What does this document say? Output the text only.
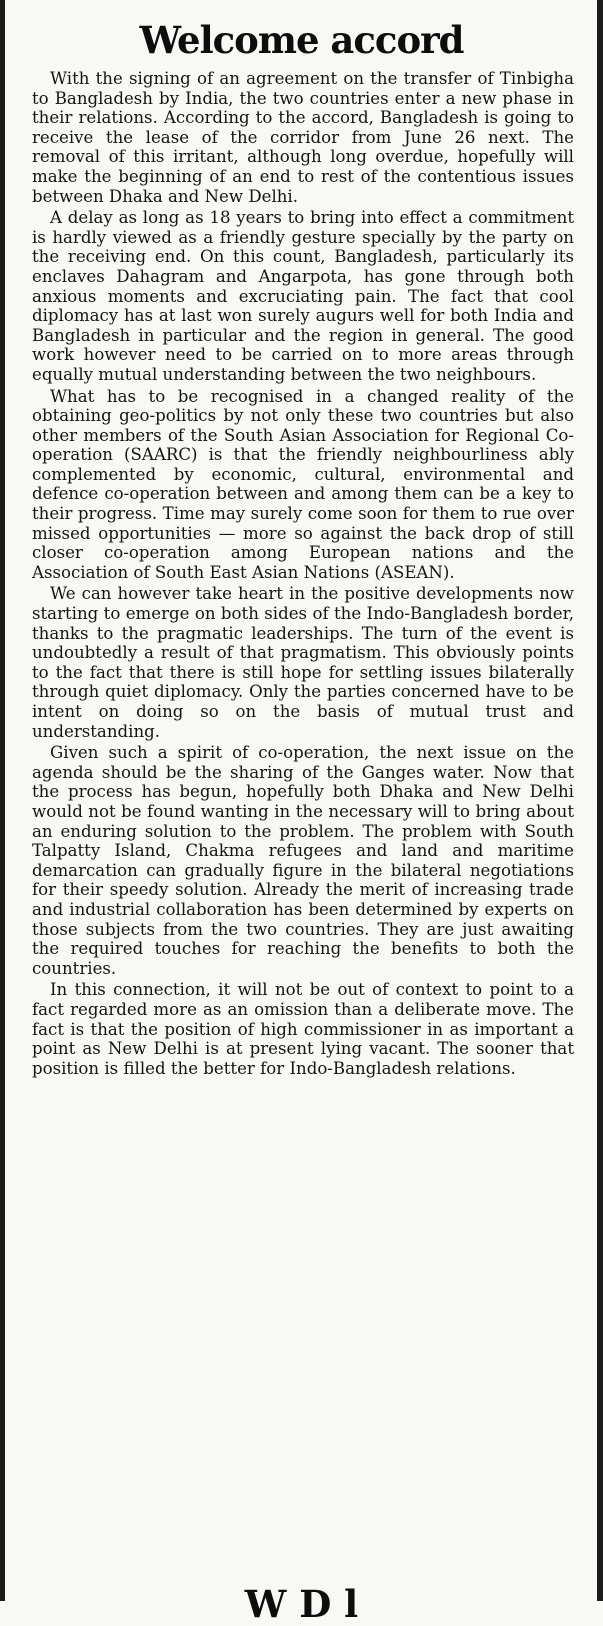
Welcome accord

With the signing of an agreement on the transfer of Tinbigha to Bangladesh by India, the two countries enter a new phase in their relations. According to the accord, Bangladesh is going to receive the lease of the corridor from June 26 next. The removal of this irritant, although long overdue, hopefully will make the beginning of an end to rest of the contentious issues between Dhaka and New Delhi.

A delay as long as 18 years to bring into effect a commitment is hardly viewed as a friendly gesture specially by the party on the receiving end. On this count, Bangladesh, particularly its enclaves Dahagram and Angarpota, has gone through both anxious moments and excruciating pain. The fact that cool diplomacy has at last won surely augurs well for both India and Bangladesh in particular and the region in general. The good work however need to be carried on to more areas through equally mutual understanding between the two neighbours.

What has to be recognised in a changed reality of the obtaining geo-politics by not only these two countries but also other members of the South Asian Association for Regional Co-operation (SAARC) is that the friendly neighbourliness ably complemented by economic, cultural, environmental and defence co-operation between and among them can be a key to their progress. Time may surely come soon for them to rue over missed opportunities — more so against the back drop of still closer co-operation among European nations and the Association of South East Asian Nations (ASEAN).

We can however take heart in the positive developments now starting to emerge on both sides of the Indo-Bangladesh border, thanks to the pragmatic leaderships. The turn of the event is undoubtedly a result of that pragmatism. This obviously points to the fact that there is still hope for settling issues bilaterally through quiet diplomacy. Only the parties concerned have to be intent on doing so on the basis of mutual trust and understanding.

Given such a spirit of co-operation, the next issue on the agenda should be the sharing of the Ganges water. Now that the process has begun, hopefully both Dhaka and New Delhi would not be found wanting in the necessary will to bring about an enduring solution to the problem. The problem with South Talpatty Island, Chakma refugees and land and maritime demarcation can gradually figure in the bilateral negotiations for their speedy solution. Already the merit of increasing trade and industrial collaboration has been determined by experts on those subjects from the two countries. They are just awaiting the required touches for reaching the benefits to both the countries.

In this connection, it will not be out of context to point to a fact regarded more as an omission than a deliberate move. The fact is that the position of high commissioner in as important a point as New Delhi is at present lying vacant. The sooner that position is filled the better for Indo-Bangladesh relations.

W D l
